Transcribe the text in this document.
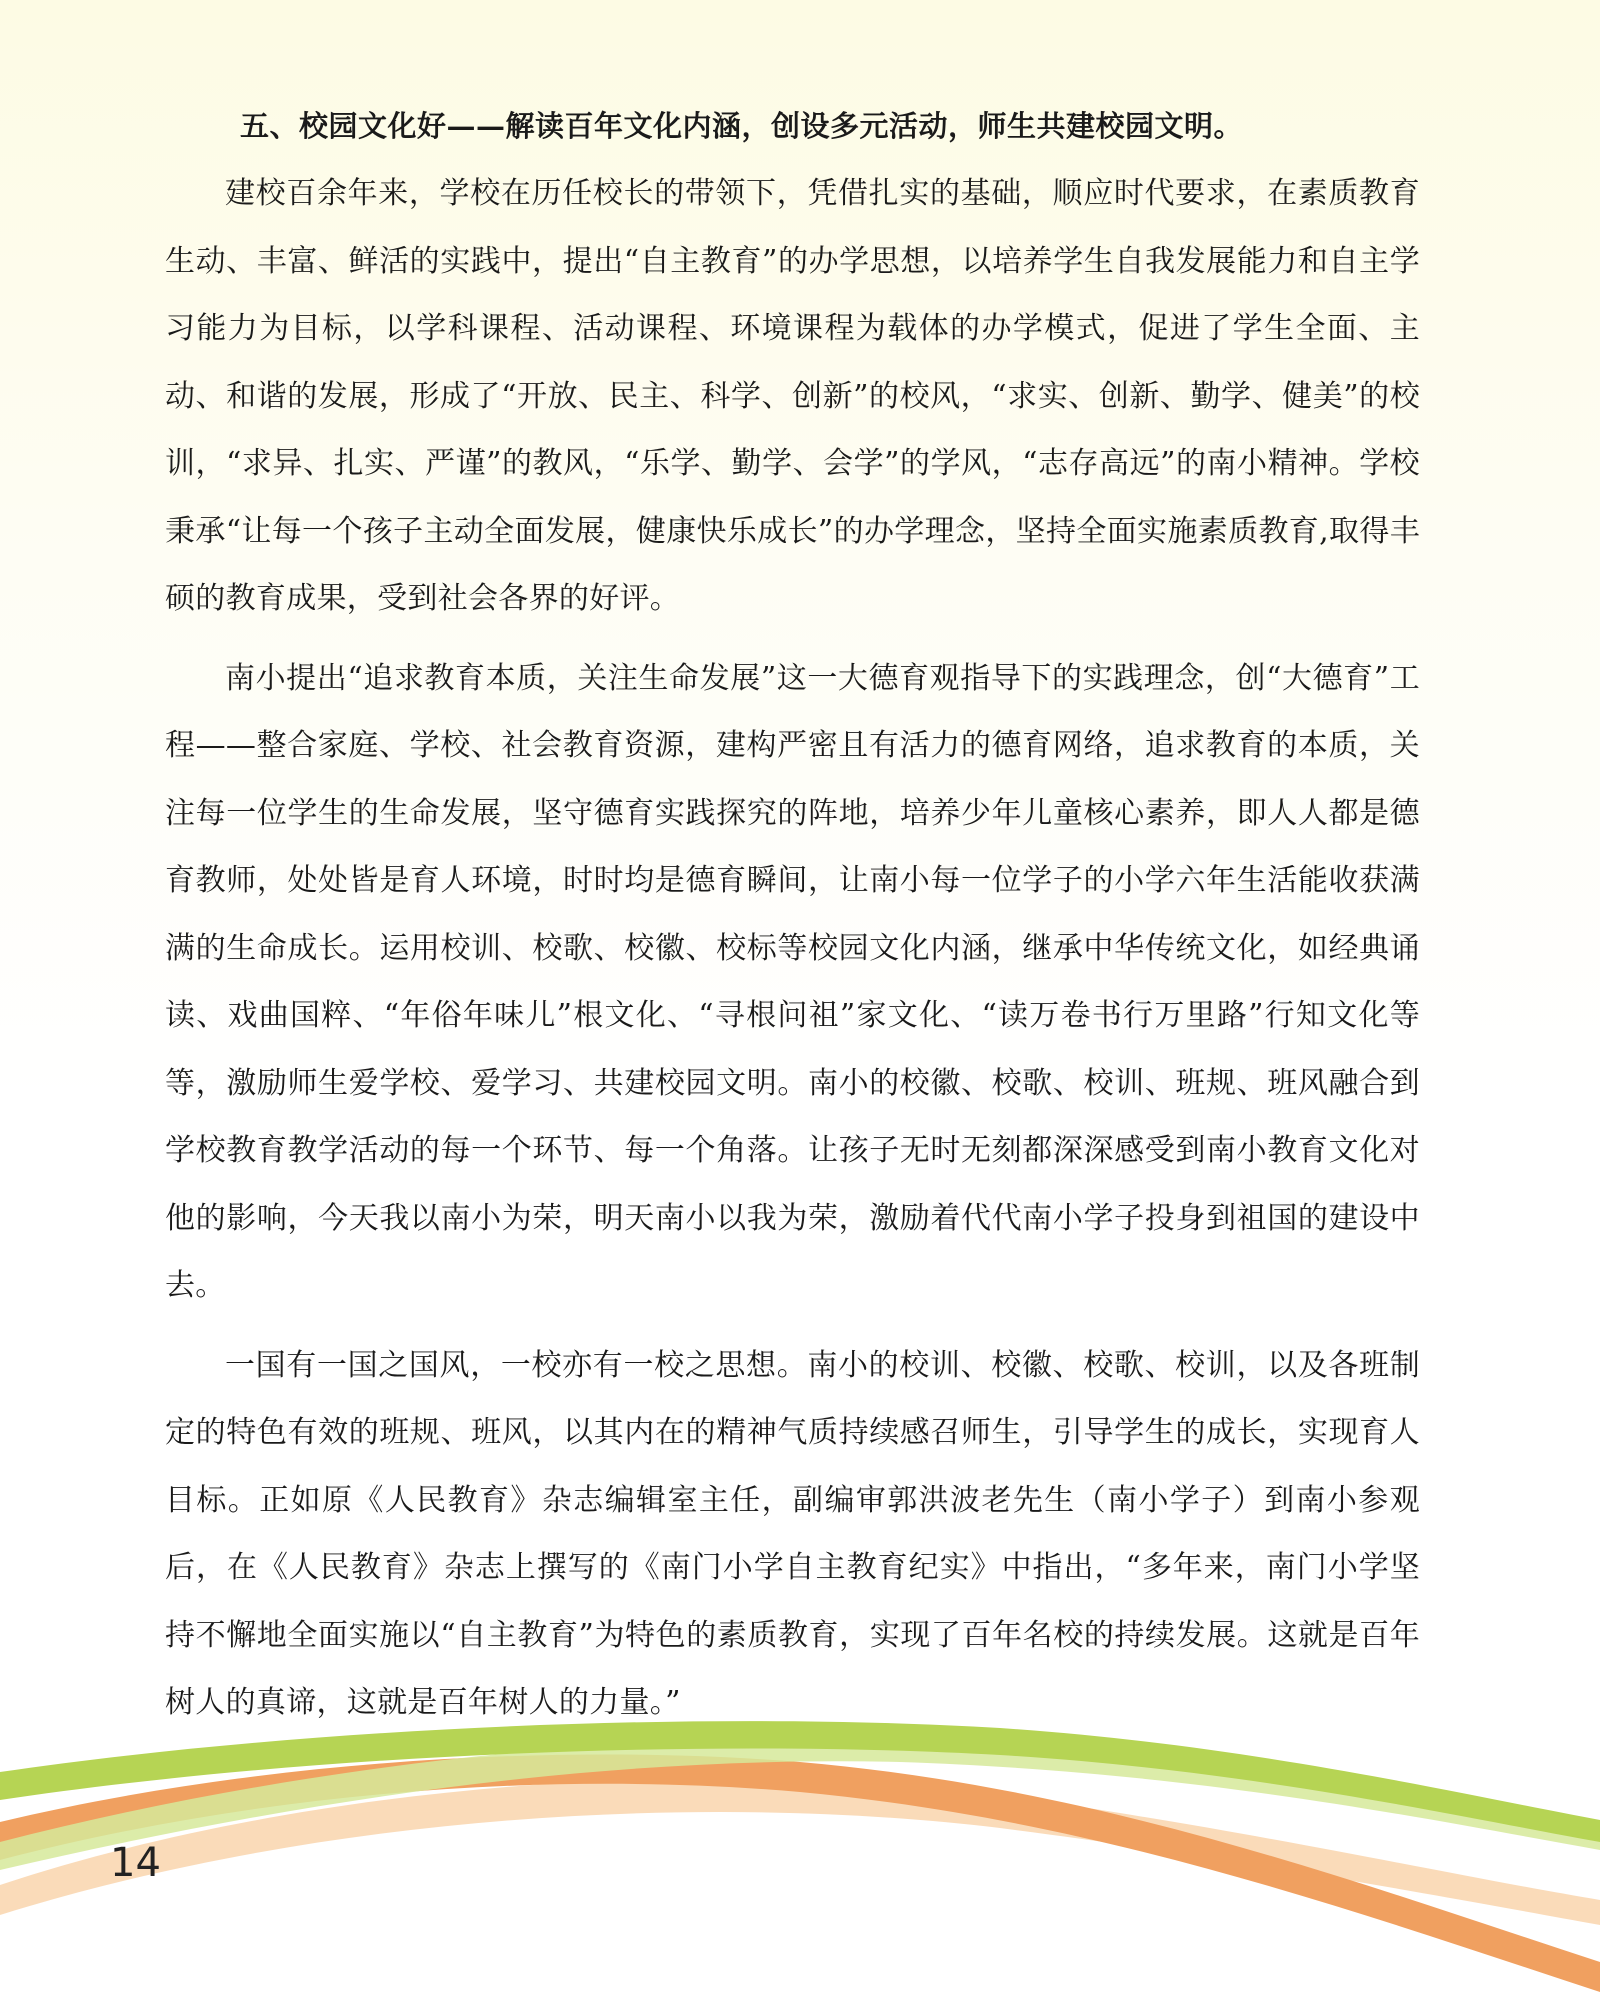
五、校园文化好——解读百年文化内涵，创设多元活动，师生共建校园文明。

建校百余年来，学校在历任校长的带领下，凭借扎实的基础，顺应时代要求，在素质教育生动、丰富、鲜活的实践中，提出“自主教育”的办学思想，以培养学生自我发展能力和自主学习能力为目标，以学科课程、活动课程、环境课程为载体的办学模式，促进了学生全面、主动、和谐的发展，形成了“开放、民主、科学、创新”的校风，“求实、创新、勤学、健美”的校训，“求异、扎实、严谨”的教风，“乐学、勤学、会学”的学风，“志存高远”的南小精神。学校秉承“让每一个孩子主动全面发展，健康快乐成长”的办学理念，坚持全面实施素质教育,取得丰硕的教育成果，受到社会各界的好评。

南小提出“追求教育本质，关注生命发展”这一大德育观指导下的实践理念，创“大德育”工程——整合家庭、学校、社会教育资源，建构严密且有活力的德育网络，追求教育的本质，关注每一位学生的生命发展，坚守德育实践探究的阵地，培养少年儿童核心素养，即人人都是德育教师，处处皆是育人环境，时时均是德育瞬间，让南小每一位学子的小学六年生活能收获满满的生命成长。运用校训、校歌、校徽、校标等校园文化内涵，继承中华传统文化，如经典诵读、戏曲国粹、“年俗年味儿”根文化、“寻根问祖”家文化、“读万卷书行万里路”行知文化等等，激励师生爱学校、爱学习、共建校园文明。南小的校徽、校歌、校训、班规、班风融合到学校教育教学活动的每一个环节、每一个角落。让孩子无时无刻都深深感受到南小教育文化对他的影响，今天我以南小为荣，明天南小以我为荣，激励着代代南小学子投身到祖国的建设中去。

一国有一国之国风，一校亦有一校之思想。南小的校训、校徽、校歌、校训，以及各班制定的特色有效的班规、班风，以其内在的精神气质持续感召师生，引导学生的成长，实现育人目标。正如原《人民教育》杂志编辑室主任，副编审郭洪波老先生（南小学子）到南小参观后，在《人民教育》杂志上撰写的《南门小学自主教育纪实》中指出，“多年来，南门小学坚持不懈地全面实施以“自主教育”为特色的素质教育，实现了百年名校的持续发展。这就是百年树人的真谛，这就是百年树人的力量。”

14
